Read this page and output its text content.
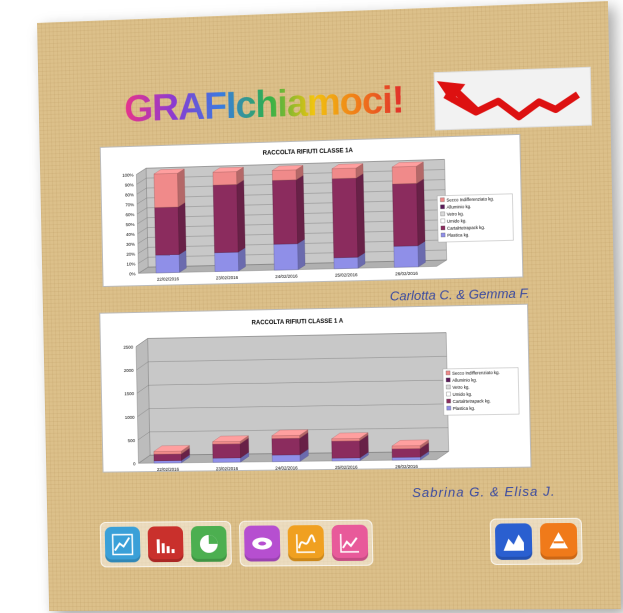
GRAFIchiamoci!
RACCOLTA RIFIUTI CLASSE 1A
100%
90%
80%
70%
60%
50%
40%
30%
20%
10%
0%
22/02/2016	23/02/2016	24/02/2016	25/02/2016	26/02/2016
Secco Indifferenziato kg.
Alluminio kg.
Vetro kg.
Umido kg.
Cartalrtetrapack kg.
Plastica kg.
Carlotta C. & Gemma F.
RACCOLTA RIFIUTI CLASSE 1 A
2500
2000
1500
1000
500
0
22/02/2016	23/02/2016	24/02/2016	25/02/2016	26/02/2016
Secco Indifferenziato kg.
Alluminio kg.
Vetro kg.
Umido kg.
Cartalrtetrapack kg.
Plastica kg.
Sabrina G. & Elisa J.
